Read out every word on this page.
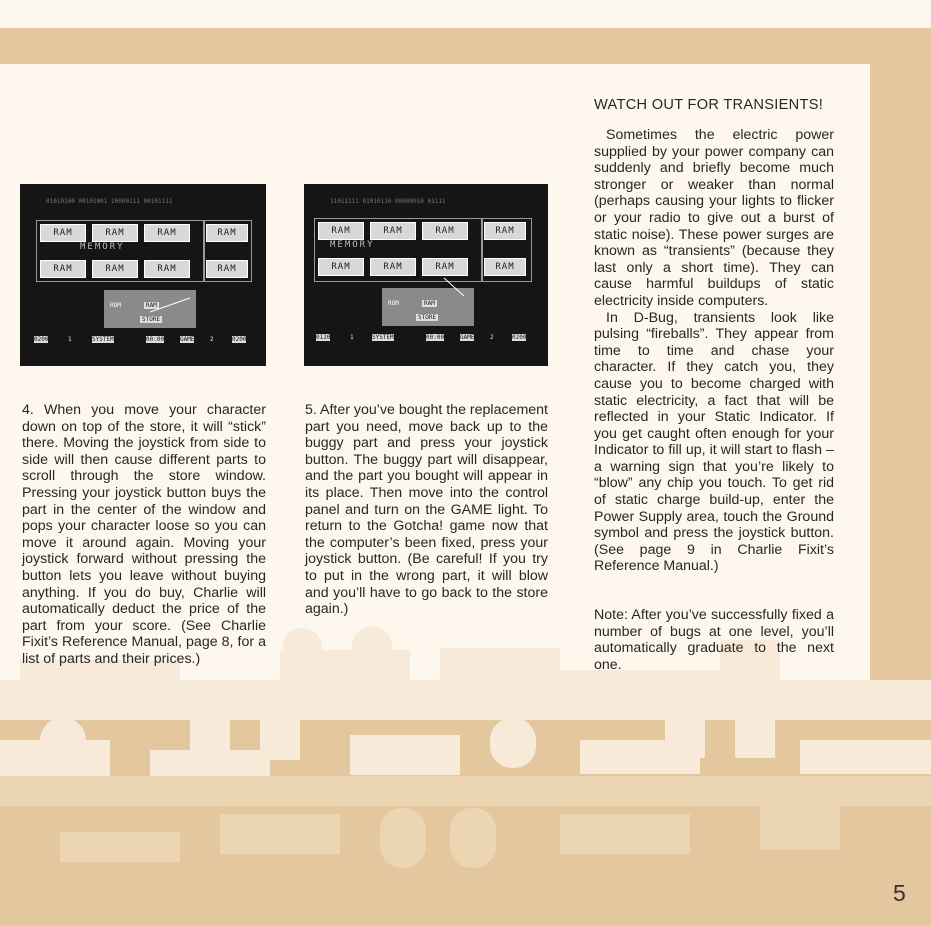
01010100 00101001 10000111 00101111
RAM	RAM	RAM	RAM
MEMORY
RAM	RAM	RAM	RAM
ROM	RAM
STORE
0200	1	SYSTEM	00:00	GAME	2	0200
11011111 01010110 00000010 01111
RAM	RAM	RAM	RAM
MEMORY
RAM	RAM	RAM	RAM
ROM	RAM
STORE
0120	1	SYSTEM	00:00	GAME	2	0200

4. When you move your character down on top of the store, it will “stick” there. Moving the joystick from side to side will then cause different parts to scroll through the store window. Pressing your joystick button buys the part in the center of the window and pops your character loose so you can move it around again. Moving your joystick forward without pressing the button lets you leave without buying anything. If you do buy, Charlie will automatically deduct the price of the part from your score. (See Charlie Fixit’s Reference Manual, page 8, for a list of parts and their prices.)

5. After you’ve bought the replacement part you need, move back up to the buggy part and press your joystick button. The buggy part will disappear, and the part you bought will appear in its place. Then move into the control panel and turn on the GAME light. To return to the Gotcha! game now that the computer’s been fixed, press your joystick button. (Be careful! If you try to put in the wrong part, it will blow and you’ll have to go back to the store again.)

WATCH OUT FOR TRANSIENTS!

Sometimes the electric power supplied by your power company can suddenly and briefly become much stronger or weaker than normal (perhaps causing your lights to flicker or your radio to give out a burst of static noise). These power surges are known as “transients” (because they last only a short time). They can cause harmful buildups of static electricity inside computers.

In D-Bug, transients look like pulsing “fireballs”. They appear from time to time and chase your character. If they catch you, they cause you to become charged with static electricity, a fact that will be reflected in your Static Indicator. If you get caught often enough for your Indicator to fill up, it will start to flash – a warning sign that you’re likely to “blow” any chip you touch. To get rid of static charge build-up, enter the Power Supply area, touch the Ground symbol and press the joystick button. (See page 9 in Charlie Fixit’s Reference Manual.)

Note: After you’ve successfully fixed a number of bugs at one level, you’ll automatically graduate to the next one.

5
